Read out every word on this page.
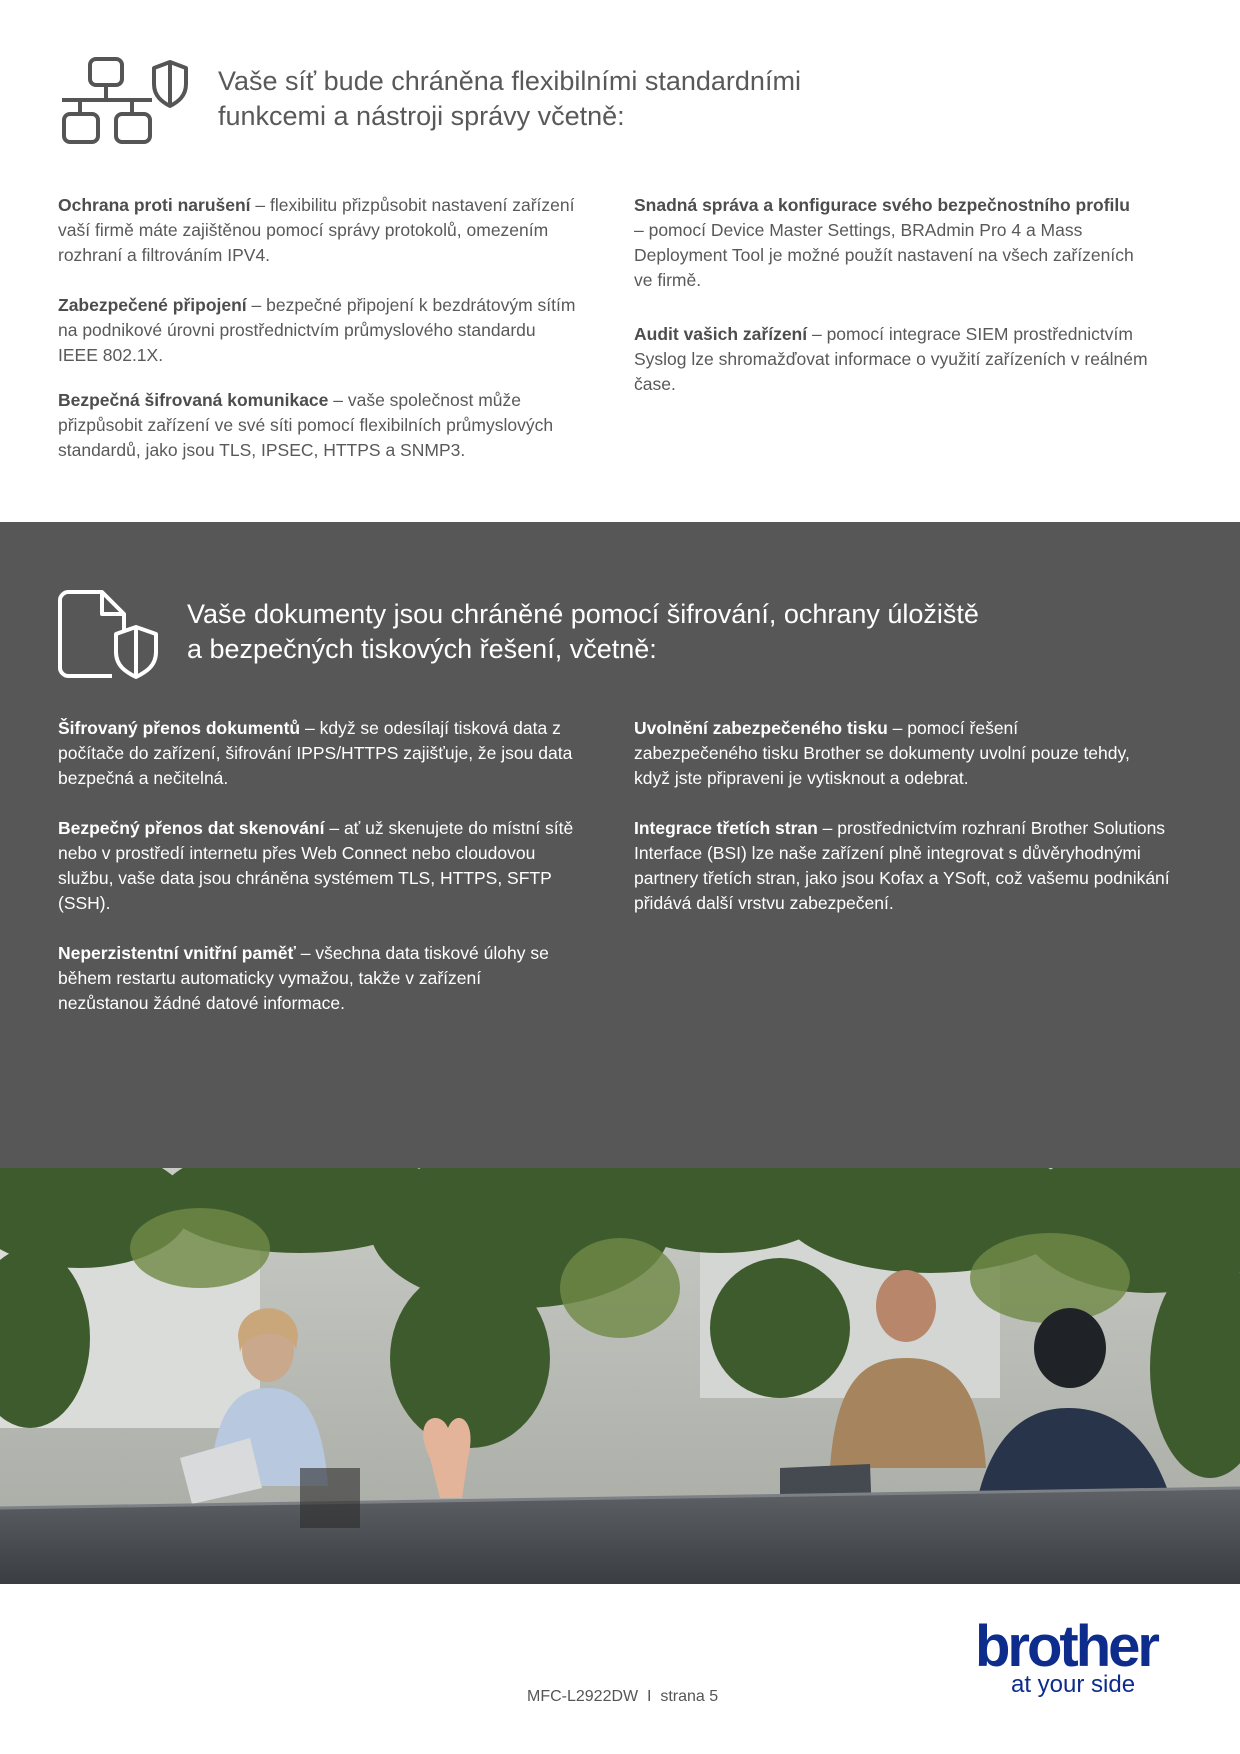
Vaše síť bude chráněna flexibilními standardními
funkcemi a nástroji správy včetně:

Ochrana proti narušení – flexibilitu přizpůsobit nastavení zařízení vaší firmě máte zajištěnou pomocí správy protokolů, omezením rozhraní a filtrováním IPV4.

Zabezpečené připojení – bezpečné připojení k bezdrátovým sítím na podnikové úrovni prostřednictvím průmyslového standardu IEEE 802.1X.

Bezpečná šifrovaná komunikace – vaše společnost může přizpůsobit zařízení ve své síti pomocí flexibilních průmyslových standardů, jako jsou TLS, IPSEC, HTTPS a SNMP3.

Snadná správa a konfigurace svého bezpečnostního profilu – pomocí Device Master Settings, BRAdmin Pro 4 a Mass Deployment Tool je možné použít nastavení na všech zařízeních ve firmě.

Audit vašich zařízení – pomocí integrace SIEM prostřednictvím Syslog lze shromažďovat informace o využití zařízeních v reálném čase.

Vaše dokumenty jsou chráněné pomocí šifrování, ochrany úložiště
a bezpečných tiskových řešení, včetně:

Šifrovaný přenos dokumentů – když se odesílají tisková data z počítače do zařízení, šifrování IPPS/HTTPS zajišťuje, že jsou data bezpečná a nečitelná.

Bezpečný přenos dat skenování – ať už skenujete do místní sítě nebo v prostředí internetu přes Web Connect nebo cloudovou službu, vaše data jsou chráněna systémem TLS, HTTPS, SFTP (SSH).

Neperzistentní vnitřní paměť – všechna data tiskové úlohy se během restartu automaticky vymažou, takže v zařízení nezůstanou žádné datové informace.

Uvolnění zabezpečeného tisku – pomocí řešení zabezpečeného tisku Brother se dokumenty uvolní pouze tehdy, když jste připraveni je vytisknout a odebrat.

Integrace třetích stran – prostřednictvím rozhraní Brother Solutions Interface (BSI) lze naše zařízení plně integrovat s důvěryhodnými partnery třetích stran, jako jsou Kofax a YSoft, což vašemu podnikání přidává další vrstvu zabezpečení.

MFC-L2922DW  I  strana 5
brother
at your side
